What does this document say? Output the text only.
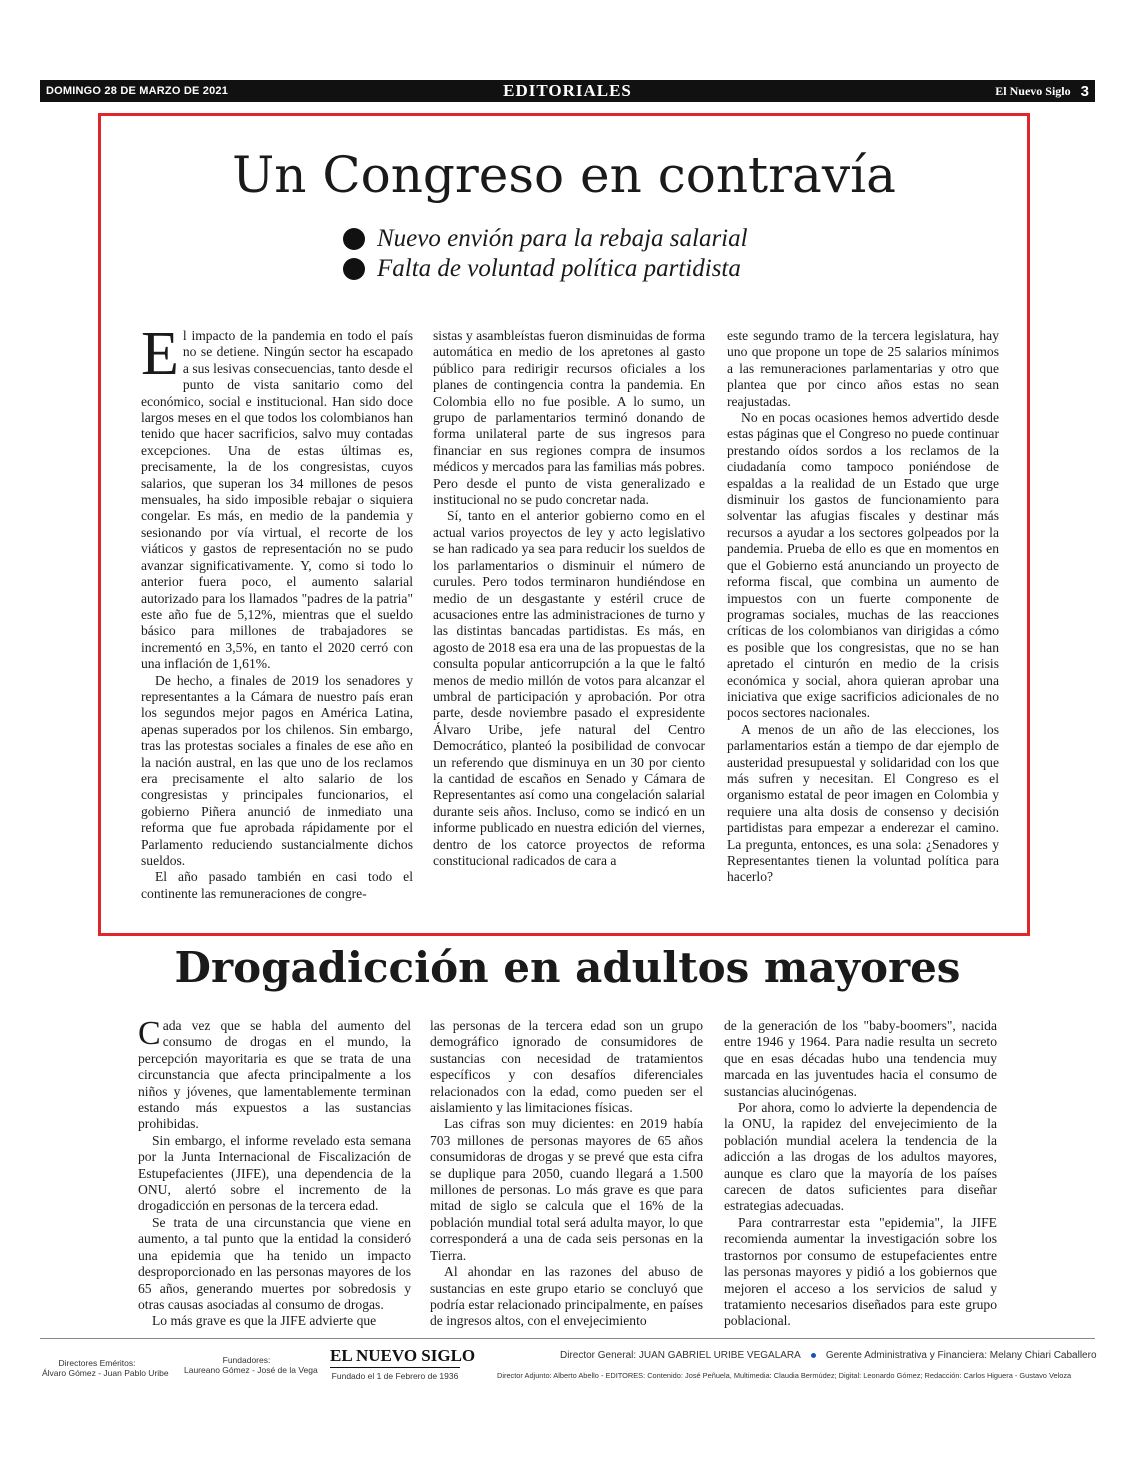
DOMINGO 28 DE MARZO DE 2021	EDITORIALES	El Nuevo Siglo 3
Un Congreso en contravía
Nuevo envión para la rebaja salarial
Falta de voluntad política partidista

El impacto de la pandemia en todo el país no se detiene. Ningún sector ha escapado a sus lesivas consecuencias, tanto desde el punto de vista sanitario como del económico, social e institucional. Han sido doce largos meses en el que todos los colombianos han tenido que hacer sacrificios, salvo muy contadas excepciones. Una de estas últimas es, precisamente, la de los congresistas, cuyos salarios, que superan los 34 millones de pesos mensuales, ha sido imposible rebajar o siquiera congelar. Es más, en medio de la pandemia y sesionando por vía virtual, el recorte de los viáticos y gastos de representación no se pudo avanzar significativamente. Y, como si todo lo anterior fuera poco, el aumento salarial autorizado para los llamados "padres de la patria" este año fue de 5,12%, mientras que el sueldo básico para millones de trabajadores se incrementó en 3,5%, en tanto el 2020 cerró con una inflación de 1,61%.

De hecho, a finales de 2019 los senadores y representantes a la Cámara de nuestro país eran los segundos mejor pagos en América Latina, apenas superados por los chilenos. Sin embargo, tras las protestas sociales a finales de ese año en la nación austral, en las que uno de los reclamos era precisamente el alto salario de los congresistas y principales funcionarios, el gobierno Piñera anunció de inmediato una reforma que fue aprobada rápidamente por el Parlamento reduciendo sustancialmente dichos sueldos.

El año pasado también en casi todo el continente las remuneraciones de congre-

sistas y asambleístas fueron disminuidas de forma automática en medio de los apretones al gasto público para redirigir recursos oficiales a los planes de contingencia contra la pandemia. En Colombia ello no fue posible. A lo sumo, un grupo de parlamentarios terminó donando de forma unilateral parte de sus ingresos para financiar en sus regiones compra de insumos médicos y mercados para las familias más pobres. Pero desde el punto de vista generalizado e institucional no se pudo concretar nada.

Sí, tanto en el anterior gobierno como en el actual varios proyectos de ley y acto legislativo se han radicado ya sea para reducir los sueldos de los parlamentarios o disminuir el número de curules. Pero todos terminaron hundiéndose en medio de un desgastante y estéril cruce de acusaciones entre las administraciones de turno y las distintas bancadas partidistas. Es más, en agosto de 2018 esa era una de las propuestas de la consulta popular anticorrupción a la que le faltó menos de medio millón de votos para alcanzar el umbral de participación y aprobación. Por otra parte, desde noviembre pasado el expresidente Álvaro Uribe, jefe natural del Centro Democrático, planteó la posibilidad de convocar un referendo que disminuya en un 30 por ciento la cantidad de escaños en Senado y Cámara de Representantes así como una congelación salarial durante seis años. Incluso, como se indicó en un informe publicado en nuestra edición del viernes, dentro de los catorce proyectos de reforma constitucional radicados de cara a

este segundo tramo de la tercera legislatura, hay uno que propone un tope de 25 salarios mínimos a las remuneraciones parlamentarias y otro que plantea que por cinco años estas no sean reajustadas.

No en pocas ocasiones hemos advertido desde estas páginas que el Congreso no puede continuar prestando oídos sordos a los reclamos de la ciudadanía como tampoco poniéndose de espaldas a la realidad de un Estado que urge disminuir los gastos de funcionamiento para solventar las afugias fiscales y destinar más recursos a ayudar a los sectores golpeados por la pandemia. Prueba de ello es que en momentos en que el Gobierno está anunciando un proyecto de reforma fiscal, que combina un aumento de impuestos con un fuerte componente de programas sociales, muchas de las reacciones críticas de los colombianos van dirigidas a cómo es posible que los congresistas, que no se han apretado el cinturón en medio de la crisis económica y social, ahora quieran aprobar una iniciativa que exige sacrificios adicionales de no pocos sectores nacionales.

A menos de un año de las elecciones, los parlamentarios están a tiempo de dar ejemplo de austeridad presupuestal y solidaridad con los que más sufren y necesitan. El Congreso es el organismo estatal de peor imagen en Colombia y requiere una alta dosis de consenso y decisión partidistas para empezar a enderezar el camino. La pregunta, entonces, es una sola: ¿Senadores y Representantes tienen la voluntad política para hacerlo?

Drogadicción en adultos mayores

Cada vez que se habla del aumento del consumo de drogas en el mundo, la percepción mayoritaria es que se trata de una circunstancia que afecta principalmente a los niños y jóvenes, que lamentablemente terminan estando más expuestos a las sustancias prohibidas.

Sin embargo, el informe revelado esta semana por la Junta Internacional de Fiscalización de Estupefacientes (JIFE), una dependencia de la ONU, alertó sobre el incremento de la drogadicción en personas de la tercera edad.

Se trata de una circunstancia que viene en aumento, a tal punto que la entidad la consideró una epidemia que ha tenido un impacto desproporcionado en las personas mayores de los 65 años, generando muertes por sobredosis y otras causas asociadas al consumo de drogas.

Lo más grave es que la JIFE advierte que

las personas de la tercera edad son un grupo demográfico ignorado de consumidores de sustancias con necesidad de tratamientos específicos y con desafíos diferenciales relacionados con la edad, como pueden ser el aislamiento y las limitaciones físicas.

Las cifras son muy dicientes: en 2019 había 703 millones de personas mayores de 65 años consumidoras de drogas y se prevé que esta cifra se duplique para 2050, cuando llegará a 1.500 millones de personas. Lo más grave es que para mitad de siglo se calcula que el 16% de la población mundial total será adulta mayor, lo que corresponderá a una de cada seis personas en la Tierra.

Al ahondar en las razones del abuso de sustancias en este grupo etario se concluyó que podría estar relacionado principalmente, en países de ingresos altos, con el envejecimiento

de la generación de los "baby-boomers", nacida entre 1946 y 1964. Para nadie resulta un secreto que en esas décadas hubo una tendencia muy marcada en las juventudes hacia el consumo de sustancias alucinógenas.

Por ahora, como lo advierte la dependencia de la ONU, la rapidez del envejecimiento de la población mundial acelera la tendencia de la adicción a las drogas de los adultos mayores, aunque es claro que la mayoría de los países carecen de datos suficientes para diseñar estrategias adecuadas.

Para contrarrestar esta "epidemia", la JIFE recomienda aumentar la investigación sobre los trastornos por consumo de estupefacientes entre las personas mayores y pidió a los gobiernos que mejoren el acceso a los servicios de salud y tratamiento necesarios diseñados para este grupo poblacional.

Directores Eméritos:
Álvaro Gómez - Juan Pablo Uribe
Fundadores:
Laureano Gómez - José de la Vega
EL NUEVO SIGLO
Fundado el 1 de Febrero de 1936
Director General: JUAN GABRIEL URIBE VEGALARA	Gerente Administrativa y Financiera: Melany Chiari Caballero
Director Adjunto: Alberto Abello - EDITORES: Contenido: José Peñuela, Multimedia: Claudia Bermúdez; Digital: Leonardo Gómez; Redacción: Carlos Higuera - Gustavo Veloza
